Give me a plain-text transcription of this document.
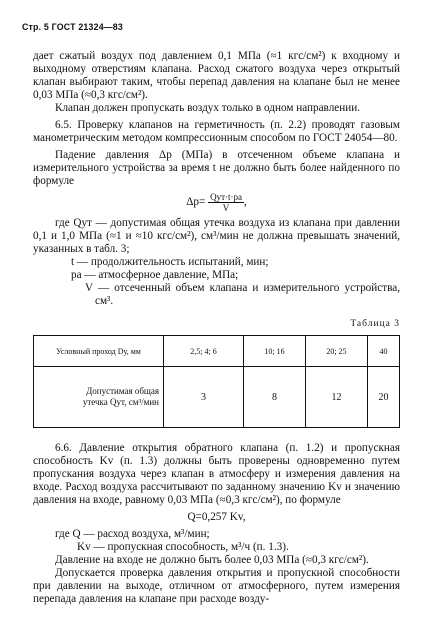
Стр. 5 ГОСТ 21324—83

дает сжатый воздух под давлением 0,1 МПа (≈1 кгс/см²) к входному и выходному отверстиям клапана. Расход сжатого воздуха через открытый клапан выбирают таким, чтобы перепад давления на клапане был не менее 0,03 МПа (≈0,3 кгс/см²).

Клапан должен пропускать воздух только в одном направлении.

6.5. Проверку клапанов на герметичность (п. 2.2) проводят газовым манометрическим методом компрессионным способом по ГОСТ 24054—80.

Падение давления Δp (МПа) в отсеченном объеме клапана и измерительного устройства за время t не должно быть более найденного по формуле

$\Delta p= \frac{\text{Qут·t·pa}}{V}$ ,

где Qут — допустимая общая утечка воздуха из клапана при давлении 0,1 и 1,0 МПа (≈1 и ≈10 кгс/см²), см³/мин не должна превышать значений, указанных в табл. 3;

t — продолжительность испытаний, мин;

pa — атмосферное давление, МПа;

V — отсеченный объем клапана и измерительного устройства, см³.

Таблица 3
Условный проход Dу, мм	2,5; 4; 6	10; 16	20; 25	40

Допустимая общая
утечка Qут, см³/мин	3	8	12	20

6.6. Давление открытия обратного клапана (п. 1.2) и пропускная способность Kv (п. 1.3) должны быть проверены одновременно путем пропускания воздуха через клапан в атмосферу и измерения давления на входе. Расход воздуха рассчитывают по заданному значению Kv и значению давления на входе, равному 0,03 МПа (≈0,3 кгс/см²), по формуле

Q=0,257 Kv,

где Q — расход воздуха, м³/мин;

Kv — пропускная способность, м³/ч (п. 1.3).

Давление на входе не должно быть более 0,03 МПа (≈0,3 кгс/см²).

Допускается проверка давления открытия и пропускной способности при давлении на выходе, отличном от атмосферного, путем измерения перепада давления на клапане при расходе возду-
